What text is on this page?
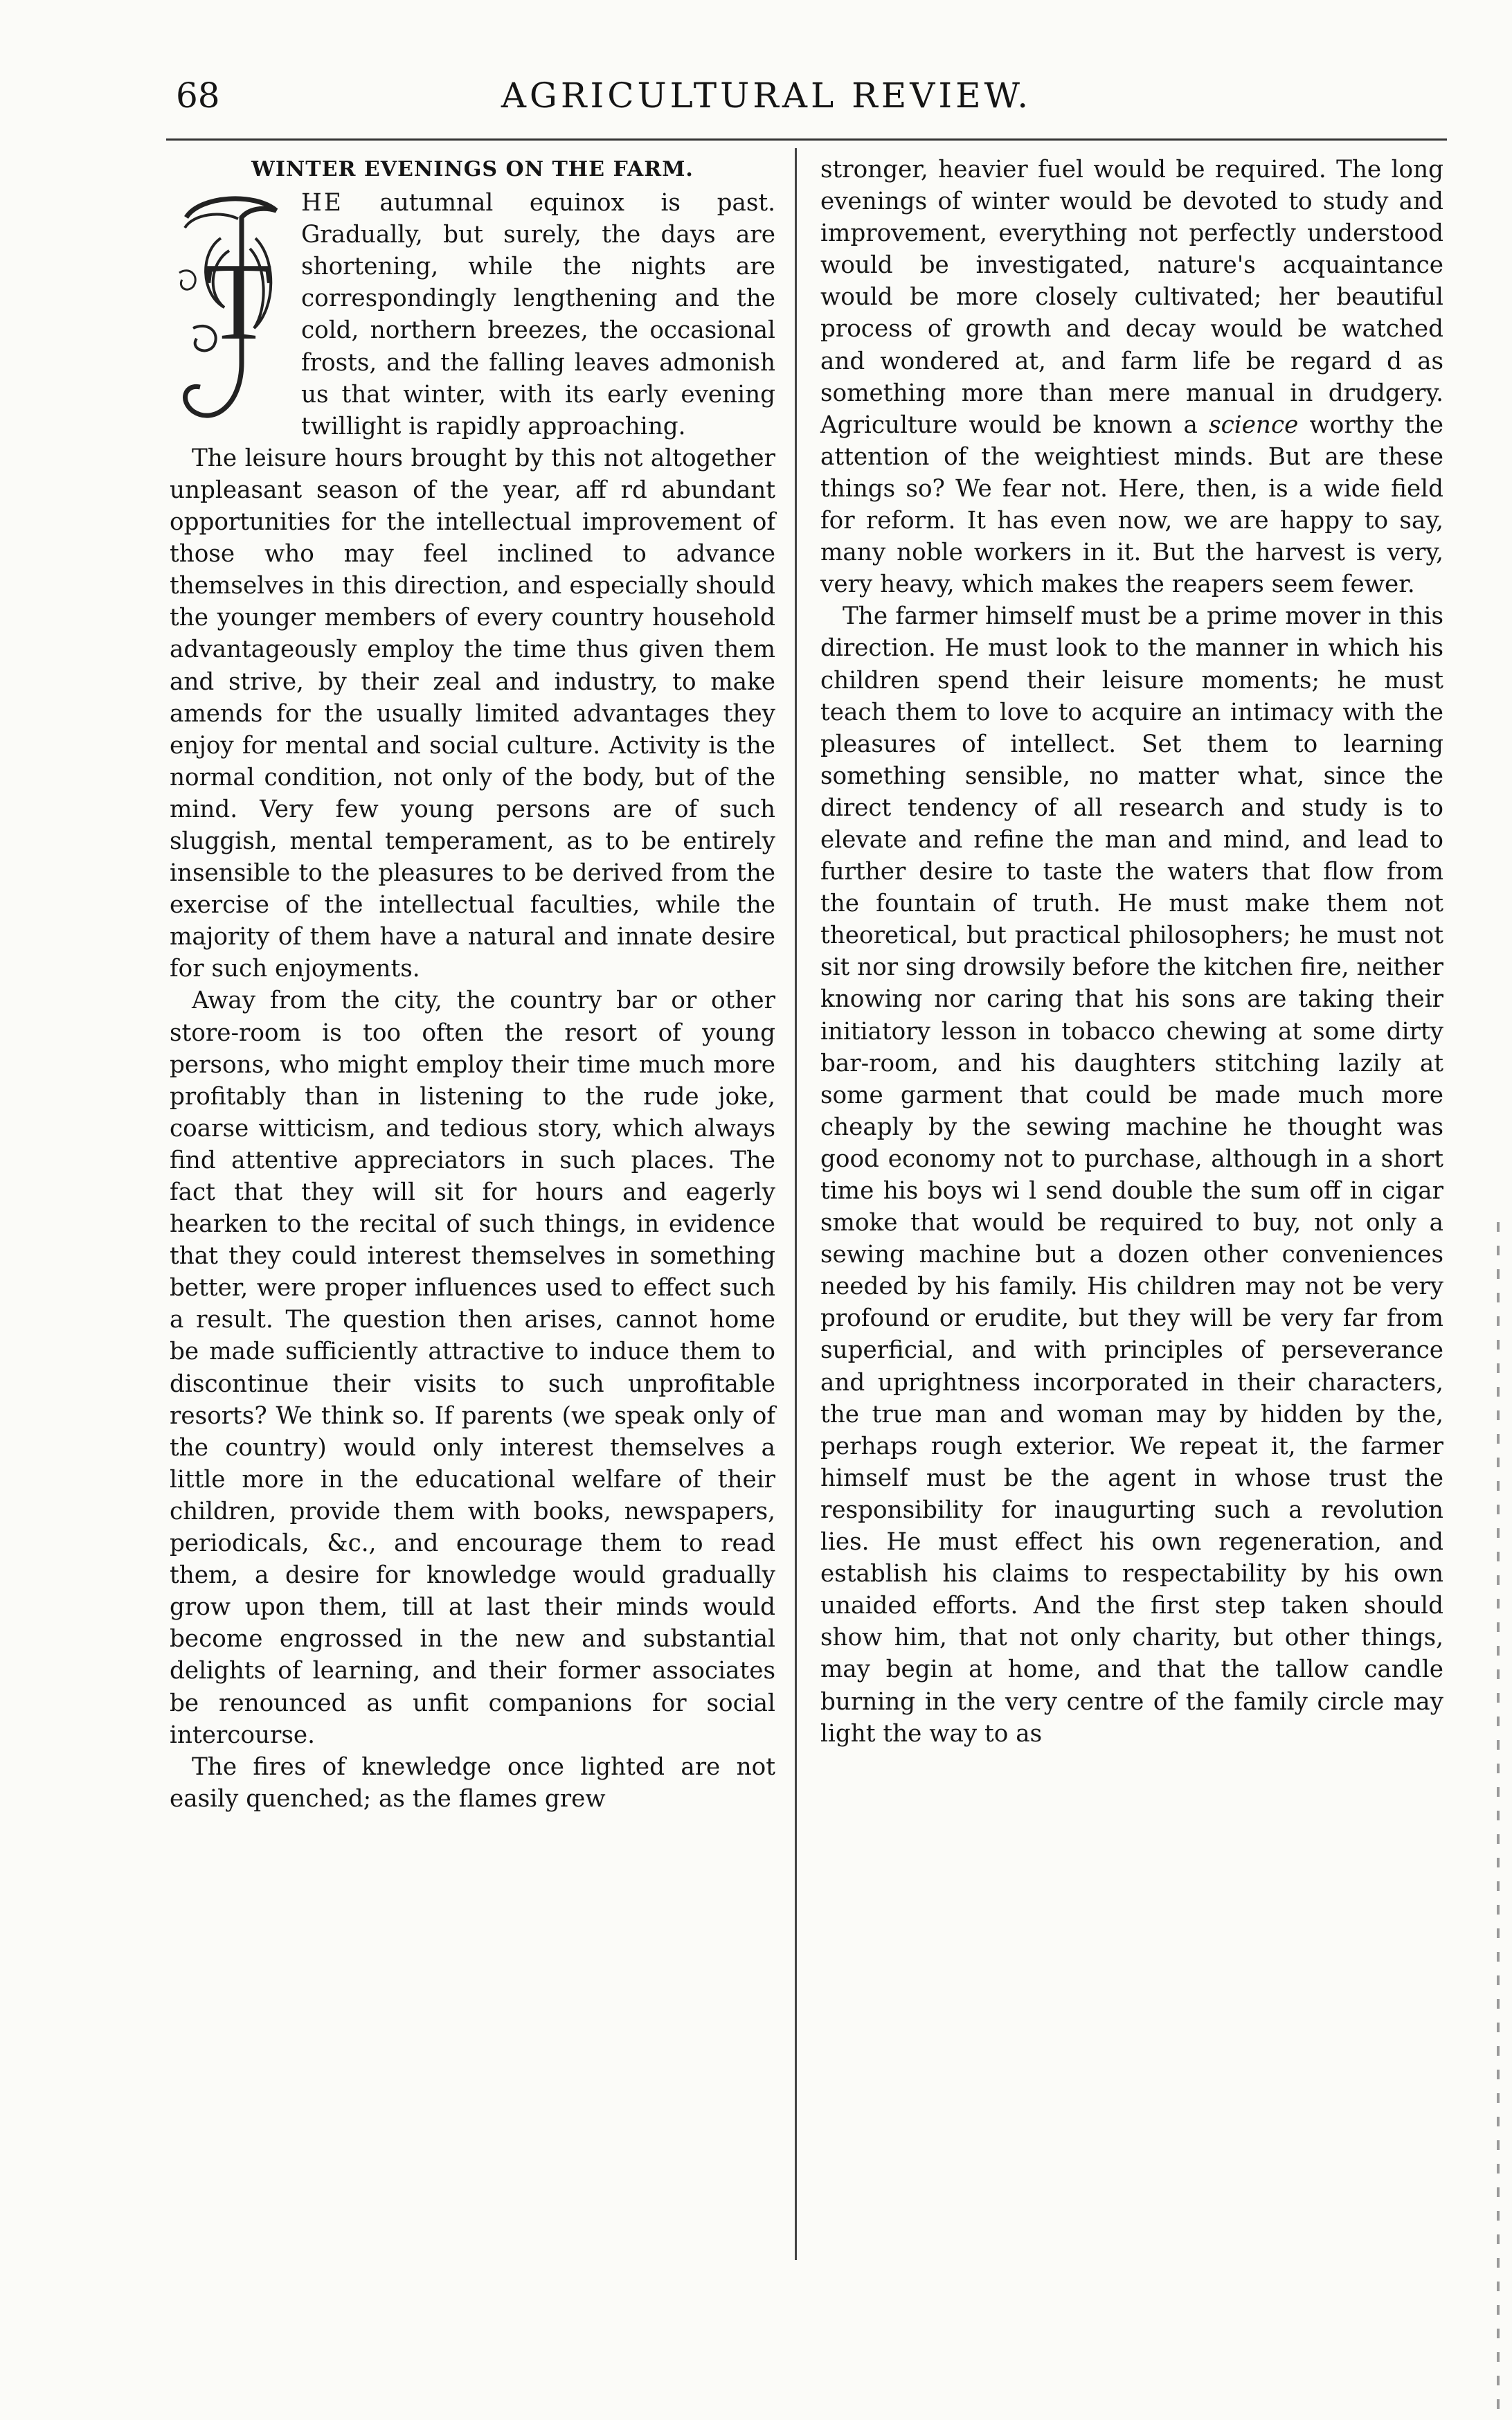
68	AGRICULTURAL REVIEW.
WINTER EVENINGS ON THE FARM.

T
HE autumnal equinox is past. Gradually, but surely, the days are shortening, while the nights are correspondingly lengthening and the cold, northern breezes, the occasional frosts, and the falling leaves admonish us that winter, with its early evening twillight is rapidly approaching.

The leisure hours brought by this not altogether unpleasant season of the year, aff rd abundant opportunities for the intellectual improvement of those who may feel inclined to advance themselves in this direction, and especially should the younger members of every country household advantageously employ the time thus given them and strive, by their zeal and industry, to make amends for the usually limited advantages they enjoy for mental and social culture. Activity is the normal condition, not only of the body, but of the mind. Very few young persons are of such sluggish, mental temperament, as to be entirely insensible to the pleasures to be derived from the exercise of the intellectual faculties, while the majority of them have a natural and innate desire for such enjoyments.

Away from the city, the country bar or other store-room is too often the resort of young persons, who might employ their time much more profitably than in listening to the rude joke, coarse witticism, and tedious story, which always find attentive appreciators in such places. The fact that they will sit for hours and eagerly hearken to the recital of such things, in evidence that they could interest themselves in something better, were proper influences used to effect such a result. The question then arises, cannot home be made sufficiently attractive to induce them to discontinue their visits to such unprofitable resorts? We think so. If parents (we speak only of the country) would only interest themselves a little more in the educational welfare of their children, provide them with books, newspapers, periodicals, &c., and encourage them to read them, a desire for knowledge would gradually grow upon them, till at last their minds would become engrossed in the new and substantial delights of learning, and their former associates be renounced as unfit companions for social intercourse.

The fires of knewledge once lighted are not easily quenched; as the flames grew

stronger, heavier fuel would be required. The long evenings of winter would be devoted to study and improvement, everything not perfectly understood would be investigated, nature's acquaintance would be more closely cultivated; her beautiful process of growth and decay would be watched and wondered at, and farm life be regard d as something more than mere manual in drudgery. Agriculture would be known a science worthy the attention of the weightiest minds. But are these things so? We fear not. Here, then, is a wide field for reform. It has even now, we are happy to say, many noble workers in it. But the harvest is very, very heavy, which makes the reapers seem fewer.

The farmer himself must be a prime mover in this direction. He must look to the manner in which his children spend their leisure moments; he must teach them to love to acquire an intimacy with the pleasures of intellect. Set them to learning something sensible, no matter what, since the direct tendency of all research and study is to elevate and refine the man and mind, and lead to further desire to taste the waters that flow from the fountain of truth. He must make them not theoretical, but practical philosophers; he must not sit nor sing drowsily before the kitchen fire, neither knowing nor caring that his sons are taking their initiatory lesson in tobacco chewing at some dirty bar-room, and his daughters stitching lazily at some garment that could be made much more cheaply by the sewing machine he thought was good economy not to purchase, although in a short time his boys wi l send double the sum off in cigar smoke that would be required to buy, not only a sewing machine but a dozen other conveniences needed by his family. His children may not be very profound or erudite, but they will be very far from superficial, and with principles of perseverance and uprightness incorporated in their characters, the true man and woman may by hidden by the, perhaps rough exterior. We repeat it, the farmer himself must be the agent in whose trust the responsibility for inaugurting such a revolution lies. He must effect his own regeneration, and establish his claims to respectability by his own unaided efforts. And the first step taken should show him, that not only charity, but other things, may begin at home, and that the tallow candle burning in the very centre of the family circle may light the way to as
